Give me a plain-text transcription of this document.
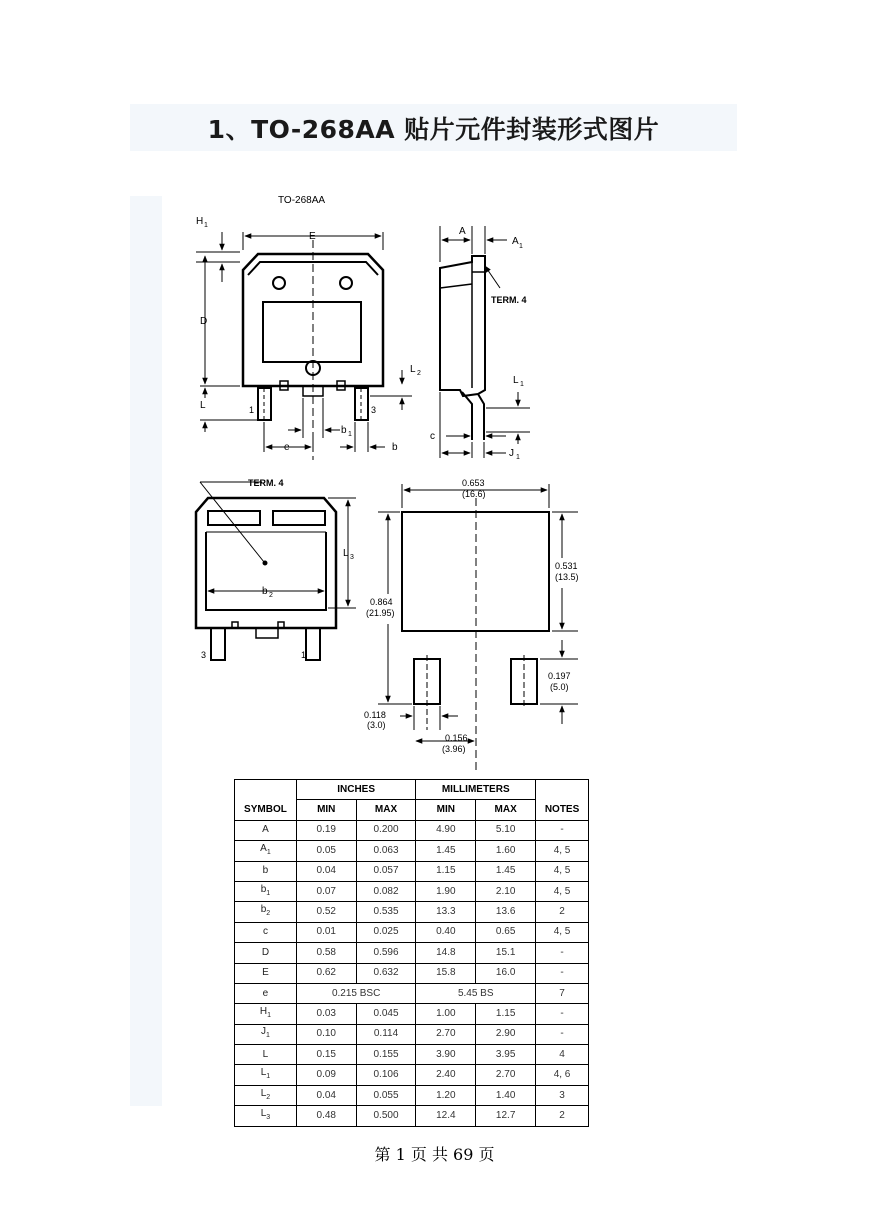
1、TO-268AA 贴片元件封装形式图片
TO-268AA
H 1
E
D
L
L 2
1	3
e
b 1
b
A
A 1
TERM. 4
L 1
c
J 1
TERM. 4
b 2
L 3
3	1
0.653
(16.6)
0.531
(13.5)
0.864
(21.95)
0.197
(5.0)
0.118
(3.0)
0.156
(3.96)
SYMBOL	INCHES		MILLIMETERS		NOTES
	MIN	MAX	MIN	MAX	
A	0.19	0.200	4.90	5.10	-
$A_1$	0.05	0.063	1.45	1.60	4, 5
b	0.04	0.057	1.15	1.45	4, 5
$b_1$	0.07	0.082	1.90	2.10	4, 5
$b_2$	0.52	0.535	13.3	13.6	2
c	0.01	0.025	0.40	0.65	4, 5
D	0.58	0.596	14.8	15.1	-
E	0.62	0.632	15.8	16.0	-
e	0.215 BSC		5.45 BS		7
$H_1$	0.03	0.045	1.00	1.15	-
$J_1$	0.10	0.114	2.70	2.90	-
L	0.15	0.155	3.90	3.95	4
$L_1$	0.09	0.106	2.40	2.70	4, 6
$L_2$	0.04	0.055	1.20	1.40	3
$L_3$	0.48	0.500	12.4	12.7	2
第 1 页 共 69 页
